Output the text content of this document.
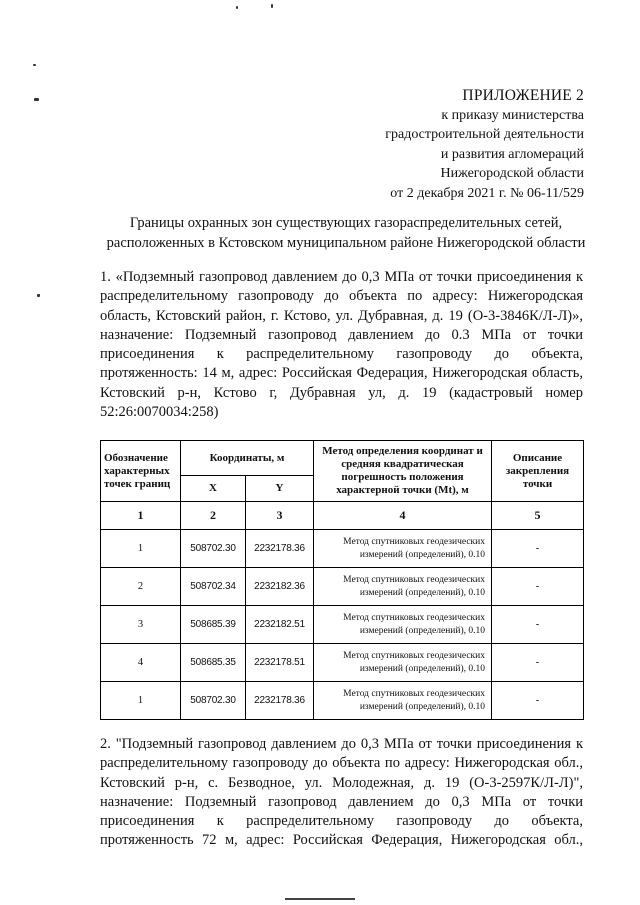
ПРИЛОЖЕНИЕ 2
к приказу министерства
градостроительной деятельности
и развития агломераций
Нижегородской области
от 2 декабря 2021 г. № 06-11/529
Границы охранных зон существующих газораспределительных сетей,
расположенных в Кстовском муниципальном районе Нижегородской области
1. «Подземный газопровод давлением до 0,3 МПа от точки присоединения к
распределительному газопроводу до объекта по адресу: Нижегородская
область, Кстовский район, г. Кстово, ул. Дубравная, д. 19 (О-3-3846К/Л-Л)»,
назначение: Подземный газопровод давлением до 0.3 МПа от точки
присоединения к распределительному газопроводу до объекта,
протяженность: 14 м, адрес: Российская Федерация, Нижегородская область,
Кстовский р-н, Кстово г, Дубравная ул, д. 19 (кадастровый номер
52:26:0070034:258)
Обозначение характерных точек границ	Координаты, м		Метод определения координат и средняя квадратическая погрешность положения характерной точки (Mt), м	Описание закрепления точки
	X	Y		
1	2	3	4	5
1	508702.30	2232178.36	Метод спутниковых геодезических
измерений (определений), 0.10	-
2	508702.34	2232182.36	Метод спутниковых геодезических
измерений (определений), 0.10	-
3	508685.39	2232182.51	Метод спутниковых геодезических
измерений (определений), 0.10	-
4	508685.35	2232178.51	Метод спутниковых геодезических
измерений (определений), 0.10	-
1	508702.30	2232178.36	Метод спутниковых геодезических
измерений (определений), 0.10	-
2. "Подземный газопровод давлением до 0,3 МПа от точки присоединения к
распределительному газопроводу до объекта по адресу: Нижегородская обл.,
Кстовский р-н, с. Безводное, ул. Молодежная, д. 19 (О-3-2597К/Л-Л)",
назначение: Подземный газопровод давлением до 0,3 МПа от точки
присоединения к распределительному газопроводу до объекта,
протяженность 72 м, адрес: Российская Федерация, Нижегородская обл.,
